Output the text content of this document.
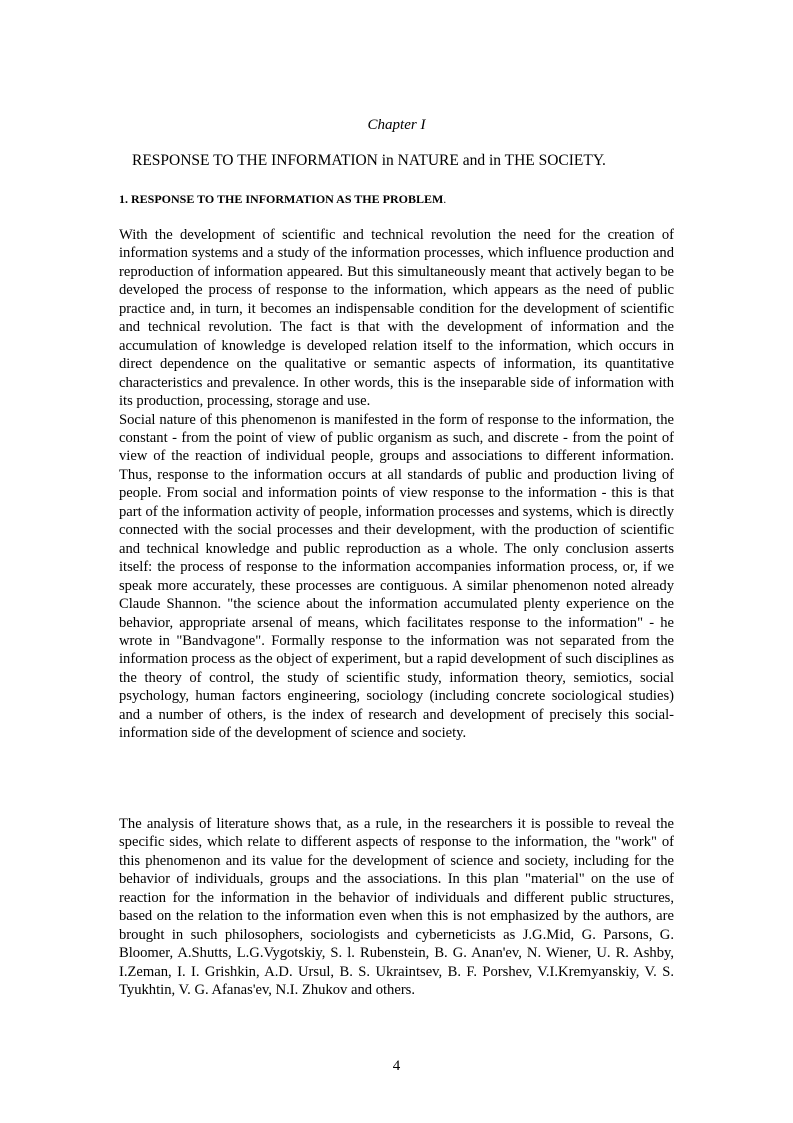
Chapter I
RESPONSE TO THE INFORMATION in NATURE and in THE SOCIETY.
1. RESPONSE TO THE INFORMATION AS THE PROBLEM.

With the development of scientific and technical revolution the need for the creation of information systems and a study of the information processes, which influence production and reproduction of information appeared. But this simultaneously meant that actively began to be developed the process of response to the information, which appears as the need of public practice and, in turn, it becomes an indispensable condition for the development of scientific and technical revolution. The fact is that with the development of information and the accumulation of knowledge is developed relation itself to the information, which occurs in direct dependence on the qualitative or semantic aspects of information, its quantitative characteristics and prevalence. In other words, this is the inseparable side of information with its production, processing, storage and use.

Social nature of this phenomenon is manifested in the form of response to the information, the constant - from the point of view of public organism as such, and discrete - from the point of view of the reaction of individual people, groups and associations to different information. Thus, response to the information occurs at all standards of public and production living of people. From social and information points of view response to the information - this is that part of the information activity of people, information processes and systems, which is directly connected with the social processes and their development, with the production of scientific and technical knowledge and public reproduction as a whole. The only conclusion asserts itself: the process of response to the information accompanies information process, or, if we speak more accurately, these processes are contiguous. A similar phenomenon noted already Claude Shannon. "the science about the information accumulated plenty experience on the behavior, appropriate arsenal of means, which facilitates response to the information" - he wrote in "Bandvagone". Formally response to the information was not separated from the information process as the object of experiment, but a rapid development of such disciplines as the theory of control, the study of scientific study, information theory, semiotics, social psychology, human factors engineering, sociology (including concrete sociological studies) and a number of others, is the index of research and development of precisely this social- information side of the development of science and society.

The analysis of literature shows that, as a rule, in the researchers it is possible to reveal the specific sides, which relate to different aspects of response to the information, the "work" of this phenomenon and its value for the development of science and society, including for the behavior of individuals, groups and the associations. In this plan "material" on the use of reaction for the information in the behavior of individuals and different public structures, based on the relation to the information even when this is not emphasized by the authors, are brought in such philosophers, sociologists and cyberneticists as J.G.Mid, G. Parsons, G. Bloomer, A.Shutts, L.G.Vygotskiy, S. l. Rubenstein, B. G. Anan'ev, N. Wiener, U. R. Ashby, I.Zeman, I. I. Grishkin, A.D. Ursul, B. S. Ukraintsev, B. F. Porshev, V.I.Kremyanskiy, V. S. Tyukhtin, V. G. Afanas'ev, N.I. Zhukov and others.

4
